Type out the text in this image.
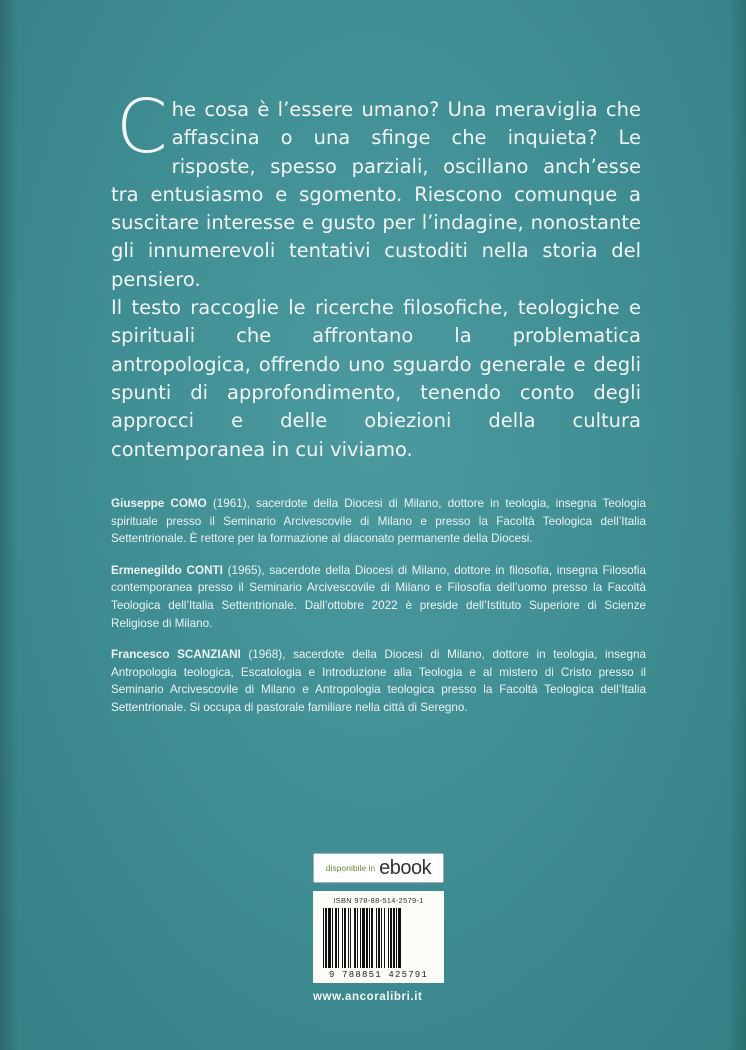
Che cosa è l’essere umano? Una meraviglia che affascina o una sfinge che inquieta? Le risposte, spesso parziali, oscillano anch’esse tra entusiasmo e sgomento. Riescono comunque a suscitare interesse e gusto per l’indagine, nonostante gli innumerevoli tentativi custoditi nella storia del pensiero.

Il testo raccoglie le ricerche filosofiche, teologiche e spirituali che affrontano la problematica antropologica, offrendo uno sguardo generale e degli spunti di approfondimento, tenendo conto degli approcci e delle obiezioni della cultura contemporanea in cui viviamo.

Giuseppe COMO (1961), sacerdote della Diocesi di Milano, dottore in teologia, insegna Teologia spirituale presso il Seminario Arcivescovile di Milano e presso la Facoltà Teologica dell’Italia Settentrionale. È rettore per la formazione al diaconato permanente della Diocesi.

Ermenegildo CONTI (1965), sacerdote della Diocesi di Milano, dottore in filosofia, insegna Filosofia contemporanea presso il Seminario Arcivescovile di Milano e Filosofia dell’uomo presso la Facoltà Teologica dell’Italia Settentrionale. Dall’ottobre 2022 è preside dell’Istituto Superiore di Scienze Religiose di Milano.

Francesco SCANZIANI (1968), sacerdote della Diocesi di Milano, dottore in teologia, insegna Antropologia teologica, Escatologia e Introduzione alla Teologia e al mistero di Cristo presso il Seminario Arcivescovile di Milano e Antropologia teologica presso la Facoltà Teologica dell’Italia Settentrionale. Si occupa di pastorale familiare nella città di Seregno.

disponibile in ebook
ISBN 978-88-514-2579-1
9 788851 425791
www.ancoralibri.it
